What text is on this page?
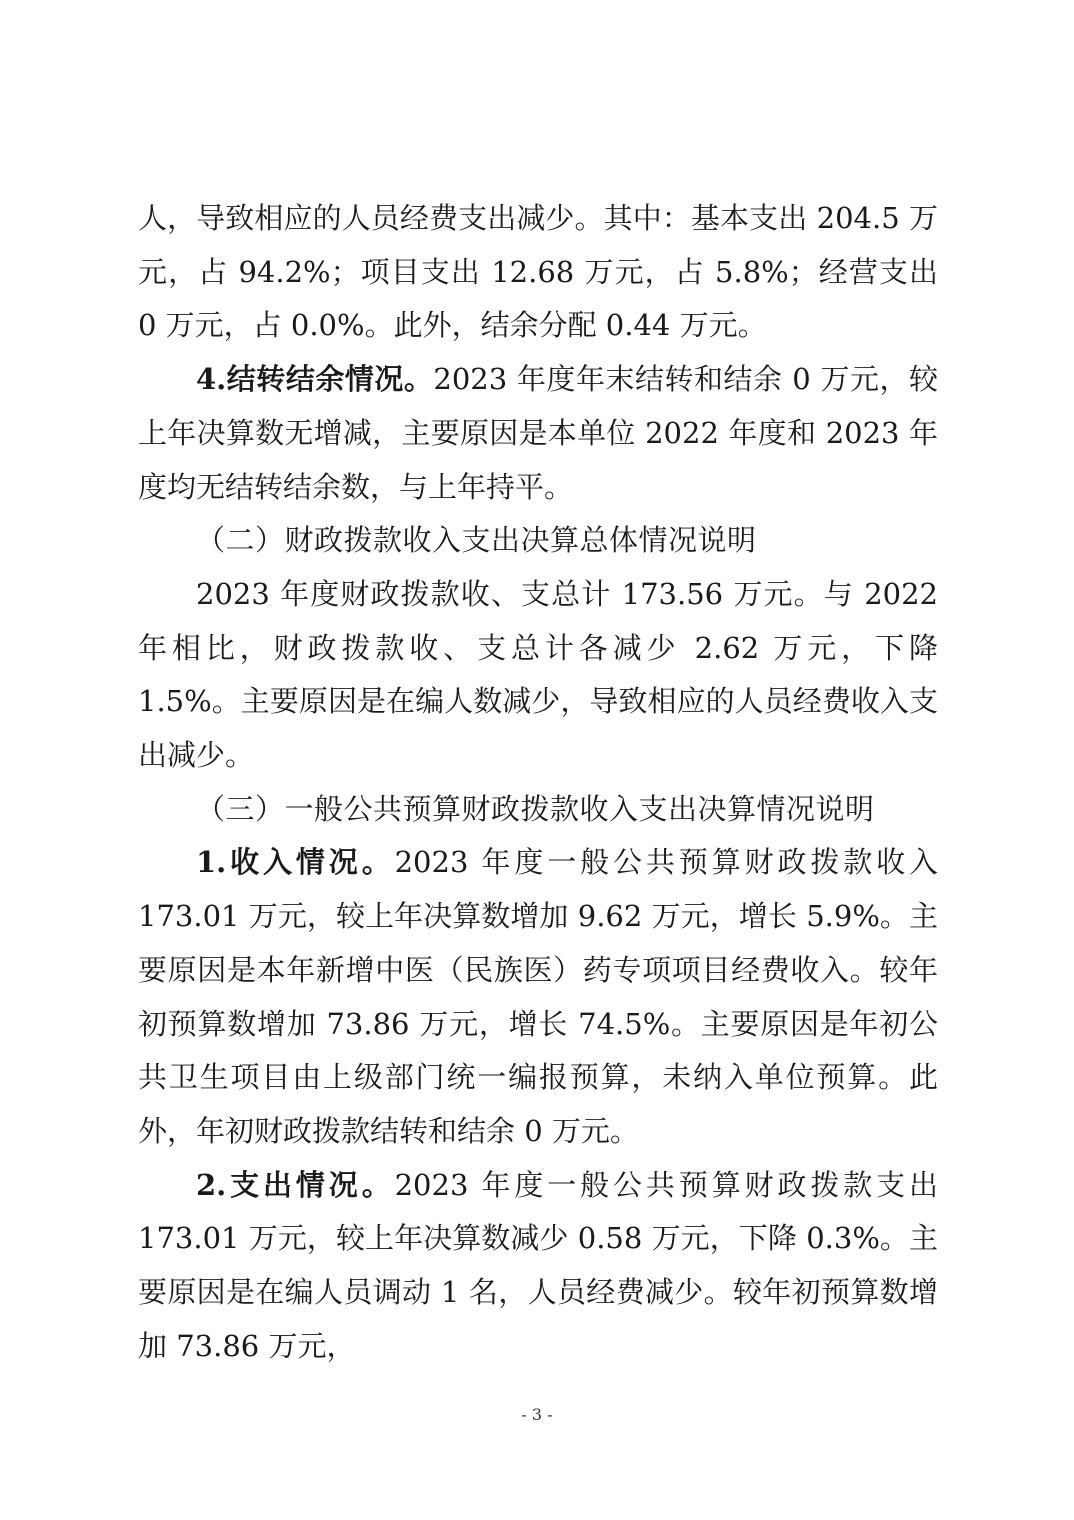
人，导致相应的人员经费支出减少。其中：基本支出 204.5 万元，占 94.2%；项目支出 12.68 万元，占 5.8%；经营支出 0 万元，占 0.0%。此外，结余分配 0.44 万元。

4.结转结余情况。2023 年度年末结转和结余 0 万元，较上年决算数无增减，主要原因是本单位 2022 年度和 2023 年度均无结转结余数，与上年持平。

（二）财政拨款收入支出决算总体情况说明

2023 年度财政拨款收、支总计 173.56 万元。与 2022 年相比，财政拨款收、支总计各减少 2.62 万元，下降 1.5%。主要原因是在编人数减少，导致相应的人员经费收入支出减少。

（三）一般公共预算财政拨款收入支出决算情况说明

1.收入情况。2023 年度一般公共预算财政拨款收入 173.01 万元，较上年决算数增加 9.62 万元，增长 5.9%。主要原因是本年新增中医（民族医）药专项项目经费收入。较年初预算数增加 73.86 万元，增长 74.5%。主要原因是年初公共卫生项目由上级部门统一编报预算，未纳入单位预算。此外，年初财政拨款结转和结余 0 万元。

2.支出情况。2023 年度一般公共预算财政拨款支出 173.01 万元，较上年决算数减少 0.58 万元，下降 0.3%。主要原因是在编人员调动 1 名，人员经费减少。较年初预算数增加 73.86 万元，

- 3 -
